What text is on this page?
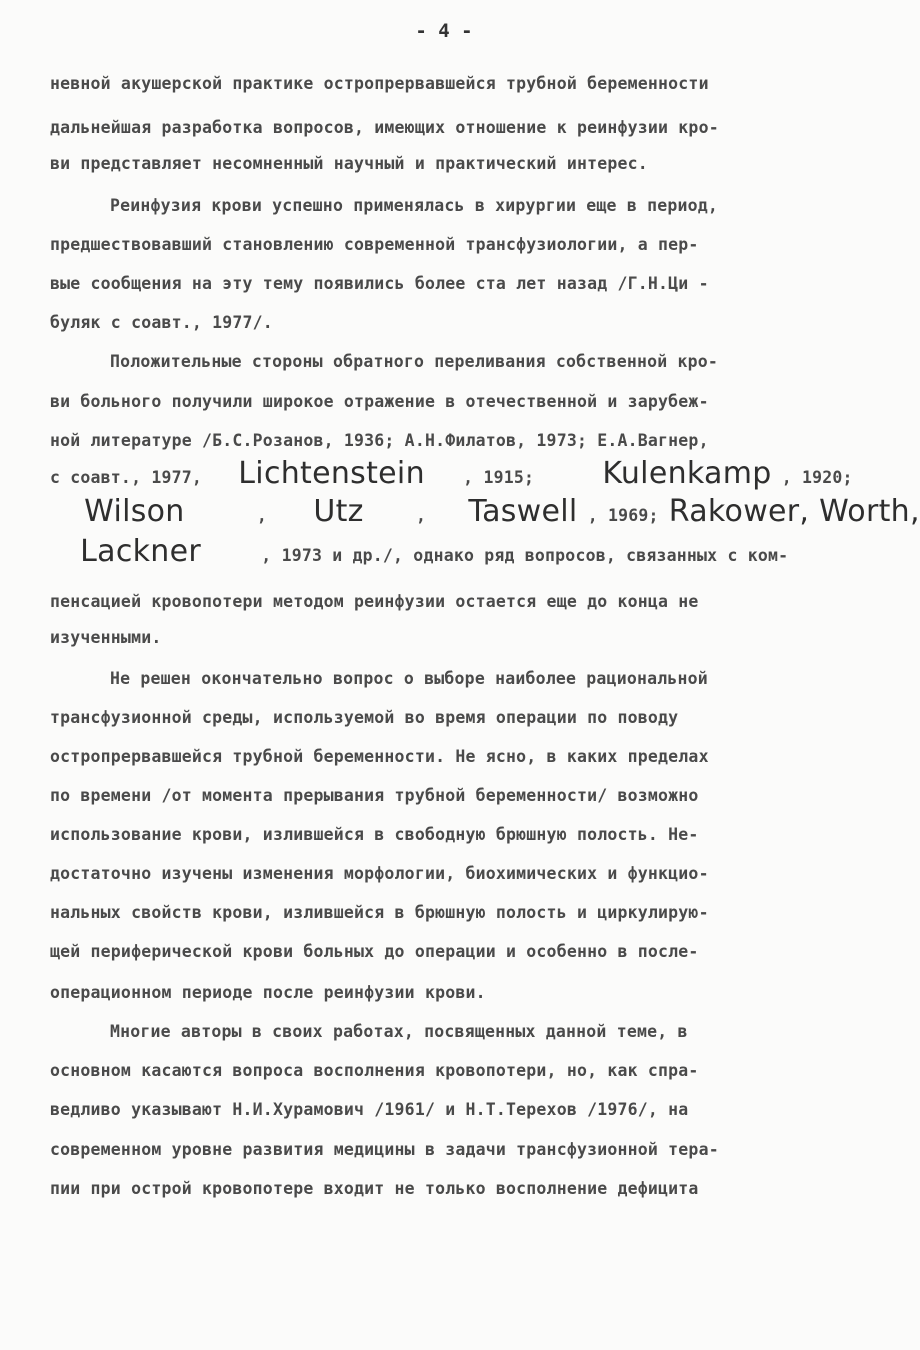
- 4 -
невной акушерской практике остропрервавшейся трубной беременности
дальнейшая разработка вопросов, имеющих отношение к реинфузии кро-
ви представляет несомненный научный и практический интерес.
Реинфузия крови успешно применялась в хирургии еще в период,
предшествовавший становлению современной трансфузиологии, а пер-
вые сообщения на эту тему появились более ста лет назад /Г.Н.Ци -
буляк с соавт., 1977/.
Положительные стороны обратного переливания собственной кро-
ви больного получили широкое отражение в отечественной и зарубеж-
ной литературе /Б.С.Розанов, 1936; А.Н.Филатов, 1973; Е.А.Вагнер,
с соавт., 1977, Lichtenstein , 1915; Kulenkamp , 1920;
Wilson	, Utz	, Taswell , 1969; Rakower, Worth,
Lackner	, 1973 и др./, однако ряд вопросов, связанных с ком-
пенсацией кровопотери методом реинфузии остается еще до конца не
изученными.
Не решен окончательно вопрос о выборе наиболее рациональной
трансфузионной среды, используемой во время операции по поводу
остропрервавшейся трубной беременности. Не ясно, в каких пределах
по времени /от момента прерывания трубной беременности/ возможно
использование крови, излившейся в свободную брюшную полость. Не-
достаточно изучены изменения морфологии, биохимических и функцио-
нальных свойств крови, излившейся в брюшную полость и циркулирую-
щей периферической крови больных до операции и особенно в после-
операционном периоде после реинфузии крови.
Многие авторы в своих работах, посвященных данной теме, в
основном касаются вопроса восполнения кровопотери, но, как спра-
ведливо указывают Н.И.Хурамович /1961/ и Н.Т.Терехов /1976/, на
современном уровне развития медицины в задачи трансфузионной тера-
пии при острой кровопотере входит не только восполнение дефицита
